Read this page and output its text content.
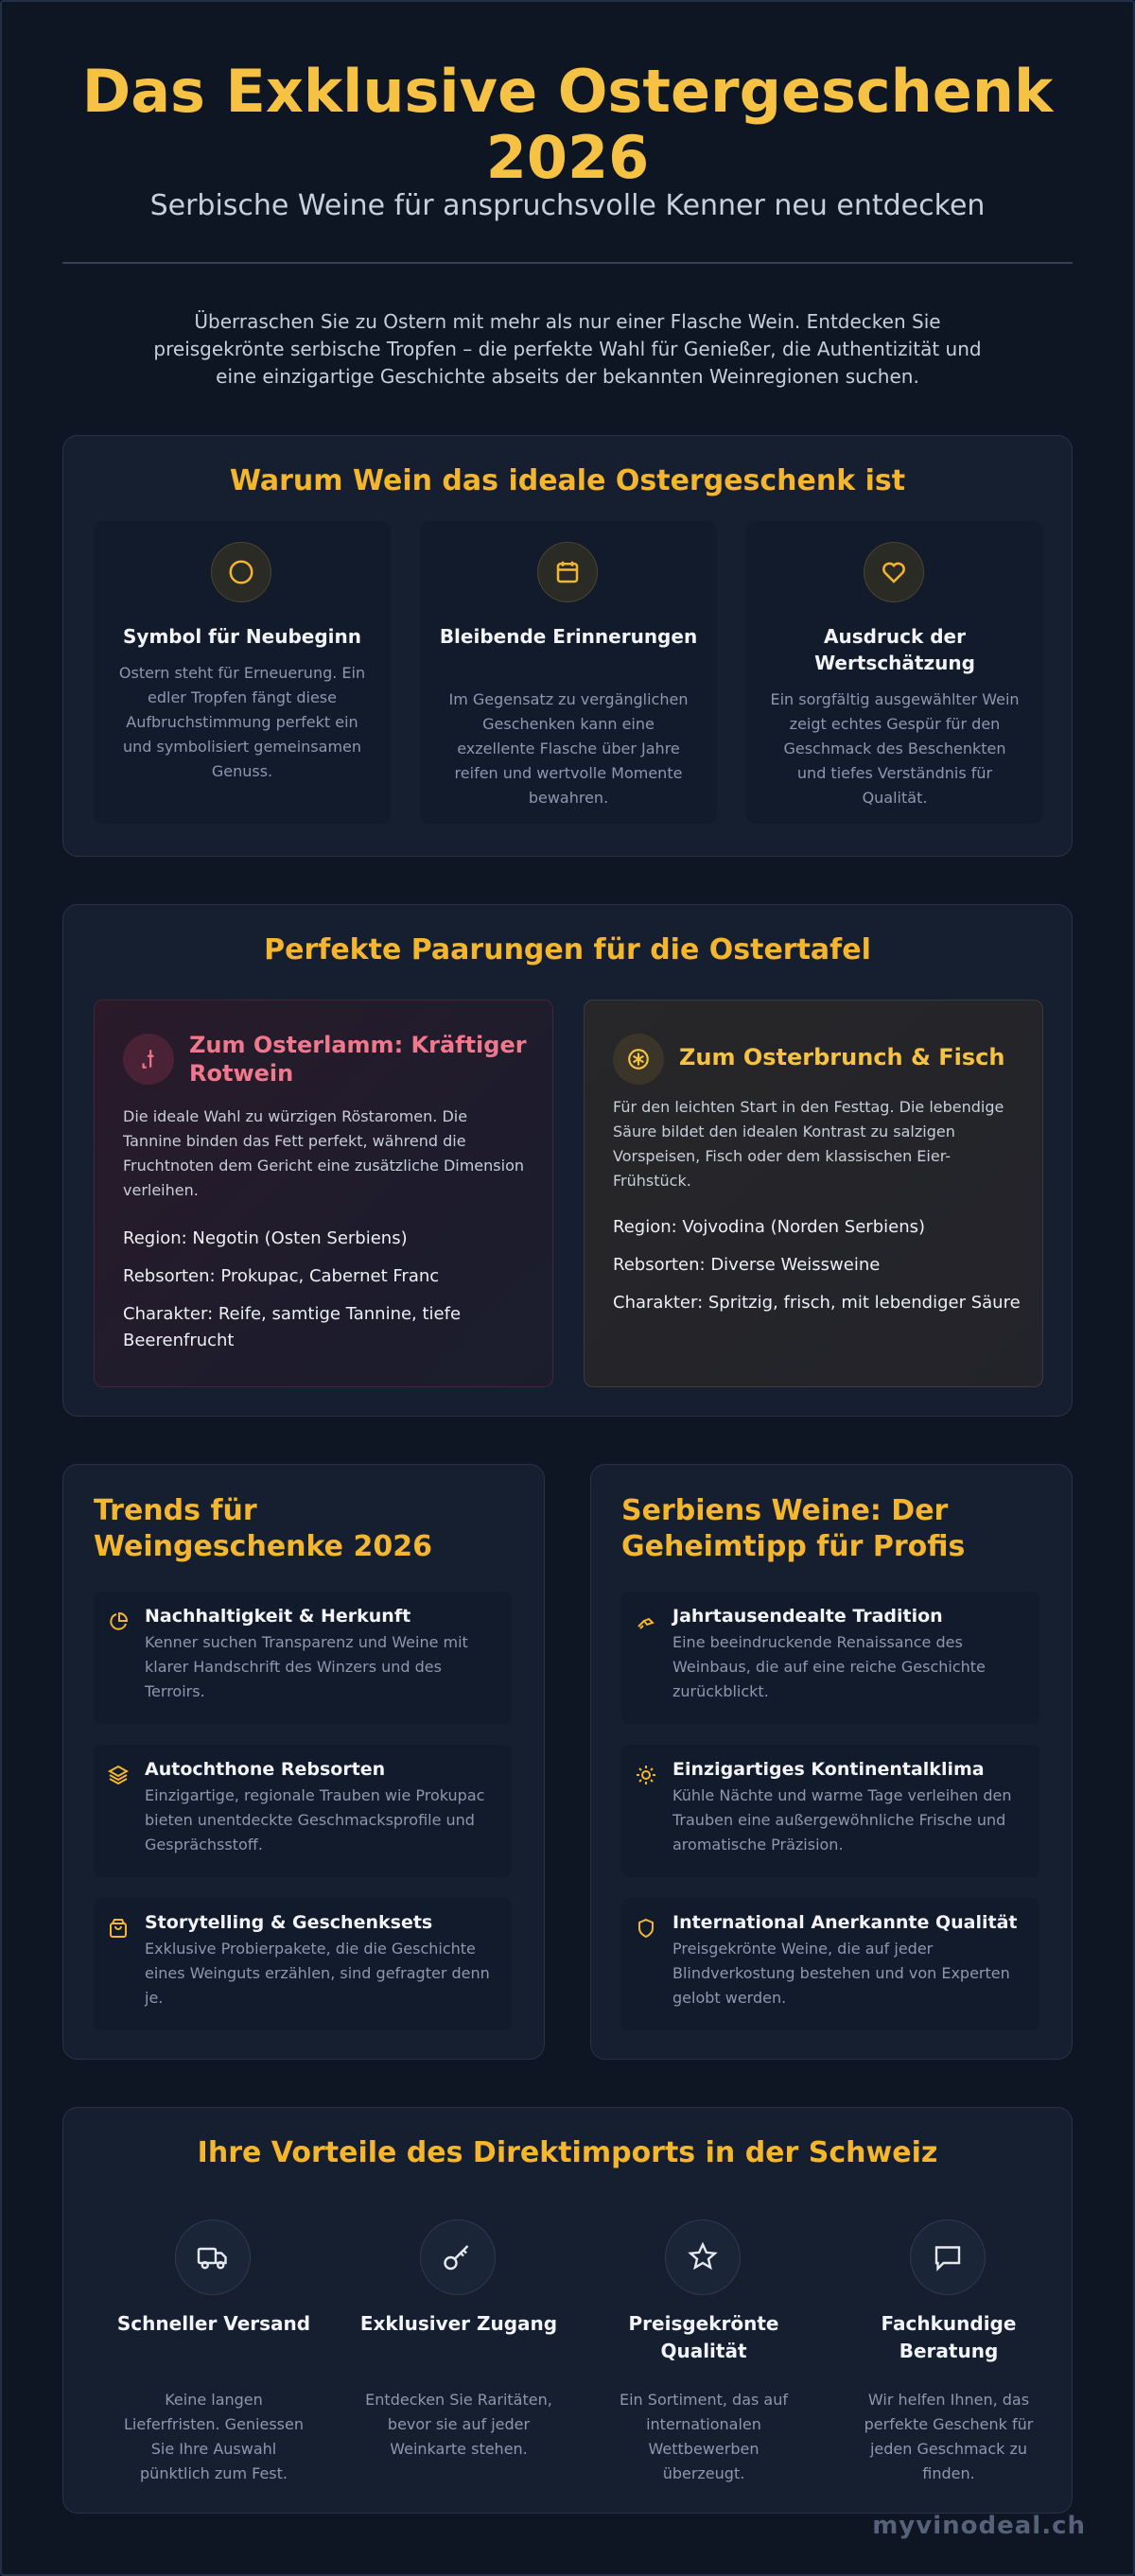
Das Exklusive Ostergeschenk 2026
Serbische Weine für anspruchsvolle Kenner neu entdecken

Überraschen Sie zu Ostern mit mehr als nur einer Flasche Wein. Entdecken Sie preisgekrönte serbische Tropfen – die perfekte Wahl für Genießer, die Authentizität und eine einzigartige Geschichte abseits der bekannten Weinregionen suchen.

Warum Wein das ideale Ostergeschenk ist
Symbol für Neubeginn
Ostern steht für Erneuerung. Ein edler Tropfen fängt diese Aufbruchstimmung perfekt ein und symbolisiert gemeinsamen Genuss.
Bleibende Erinnerungen
Im Gegensatz zu vergänglichen Geschenken kann eine exzellente Flasche über Jahre reifen und wertvolle Momente bewahren.
Ausdruck der Wertschätzung
Ein sorgfältig ausgewählter Wein zeigt echtes Gespür für den Geschmack des Beschenkten und tiefes Verständnis für Qualität.
Perfekte Paarungen für die Ostertafel
Zum Osterlamm: Kräftiger Rotwein
Die ideale Wahl zu würzigen Röstaromen. Die Tannine binden das Fett perfekt, während die Fruchtnoten dem Gericht eine zusätzliche Dimension verleihen.
Region: Negotin (Osten Serbiens)
Rebsorten: Prokupac, Cabernet Franc
Charakter: Reife, samtige Tannine, tiefe Beerenfrucht
Zum Osterbrunch & Fisch
Für den leichten Start in den Festtag. Die lebendige Säure bildet den idealen Kontrast zu salzigen Vorspeisen, Fisch oder dem klassischen Eier-Frühstück.
Region: Vojvodina (Norden Serbiens)
Rebsorten: Diverse Weissweine
Charakter: Spritzig, frisch, mit lebendiger Säure
Trends für Weingeschenke 2026
Nachhaltigkeit & Herkunft
Kenner suchen Transparenz und Weine mit klarer Handschrift des Winzers und des Terroirs.
Autochthone Rebsorten
Einzigartige, regionale Trauben wie Prokupac bieten unentdeckte Geschmacksprofile und Gesprächsstoff.
Storytelling & Geschenksets
Exklusive Probierpakete, die die Geschichte eines Weinguts erzählen, sind gefragter denn je.
Serbiens Weine: Der Geheimtipp für Profis
Jahrtausendealte Tradition
Eine beeindruckende Renaissance des Weinbaus, die auf eine reiche Geschichte zurückblickt.
Einzigartiges Kontinentalklima
Kühle Nächte und warme Tage verleihen den Trauben eine außergewöhnliche Frische und aromatische Präzision.
International Anerkannte Qualität
Preisgekrönte Weine, die auf jeder Blindverkostung bestehen und von Experten gelobt werden.
Ihre Vorteile des Direktimports in der Schweiz
Schneller Versand
Keine langen Lieferfristen. Geniessen Sie Ihre Auswahl pünktlich zum Fest.
Exklusiver Zugang
Entdecken Sie Raritäten, bevor sie auf jeder Weinkarte stehen.
Preisgekrönte Qualität
Ein Sortiment, das auf internationalen Wettbewerben überzeugt.
Fachkundige Beratung
Wir helfen Ihnen, das perfekte Geschenk für jeden Geschmack zu finden.
myvinodeal.ch
